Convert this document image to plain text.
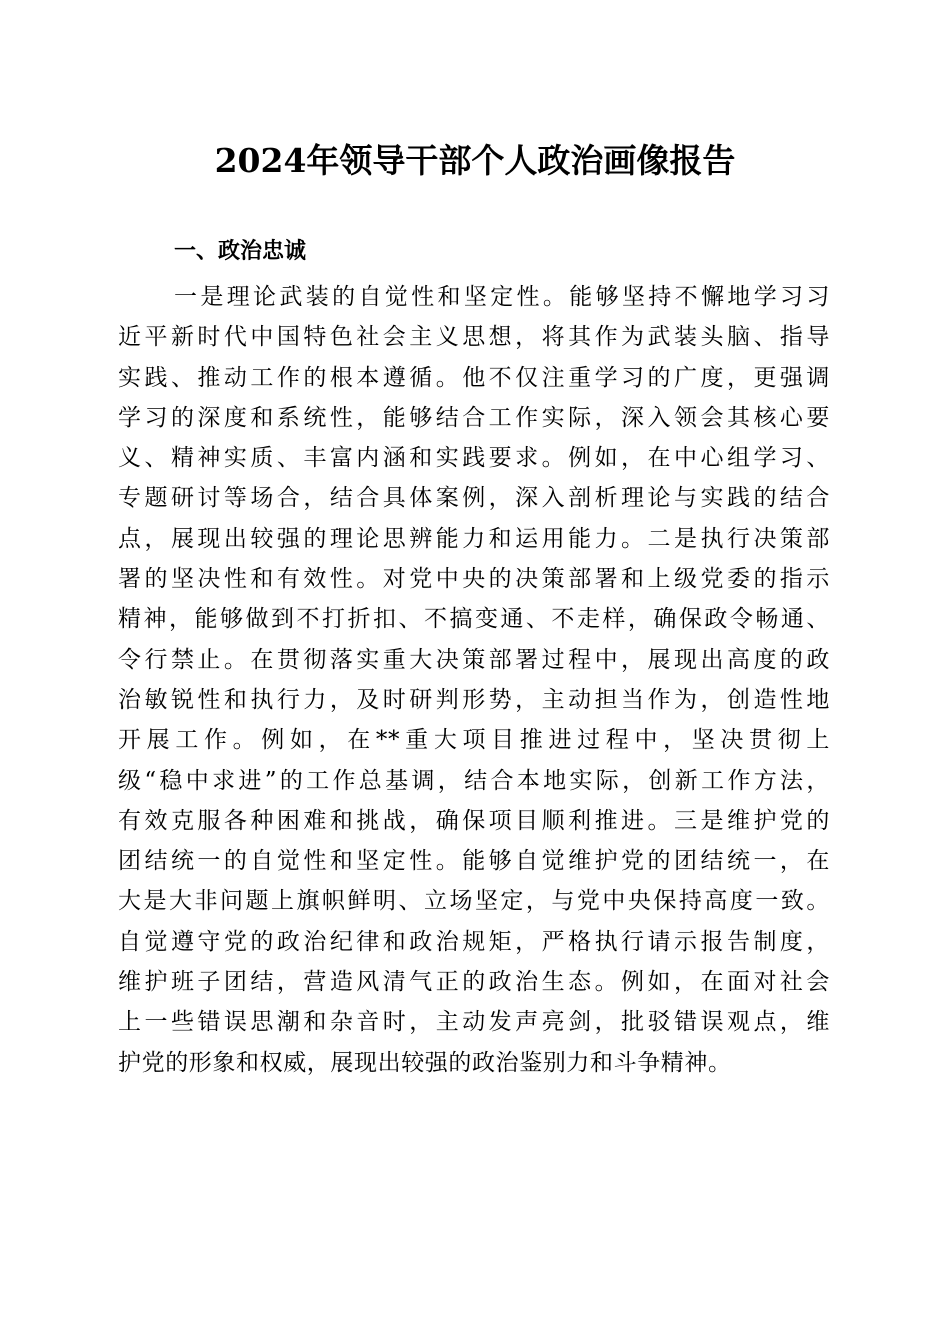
2024年领导干部个人政治画像报告
一、政治忠诚
一是理论武装的自觉性和坚定性。能够坚持不懈地学习习
近平新时代中国特色社会主义思想，将其作为武装头脑、指导
实践、推动工作的根本遵循。他不仅注重学习的广度，更强调
学习的深度和系统性，能够结合工作实际，深入领会其核心要
义、精神实质、丰富内涵和实践要求。例如，在中心组学习、
专题研讨等场合，结合具体案例，深入剖析理论与实践的结合
点，展现出较强的理论思辨能力和运用能力。二是执行决策部
署的坚决性和有效性。对党中央的决策部署和上级党委的指示
精神，能够做到不打折扣、不搞变通、不走样，确保政令畅通、
令行禁止。在贯彻落实重大决策部署过程中，展现出高度的政
治敏锐性和执行力，及时研判形势，主动担当作为，创造性地
开展工作。例如，在**重大项目推进过程中，坚决贯彻上
级“稳中求进”的工作总基调，结合本地实际，创新工作方法，
有效克服各种困难和挑战，确保项目顺利推进。三是维护党的
团结统一的自觉性和坚定性。能够自觉维护党的团结统一，在
大是大非问题上旗帜鲜明、立场坚定，与党中央保持高度一致。
自觉遵守党的政治纪律和政治规矩，严格执行请示报告制度，
维护班子团结，营造风清气正的政治生态。例如，在面对社会
上一些错误思潮和杂音时，主动发声亮剑，批驳错误观点，维
护党的形象和权威，展现出较强的政治鉴别力和斗争精神。
